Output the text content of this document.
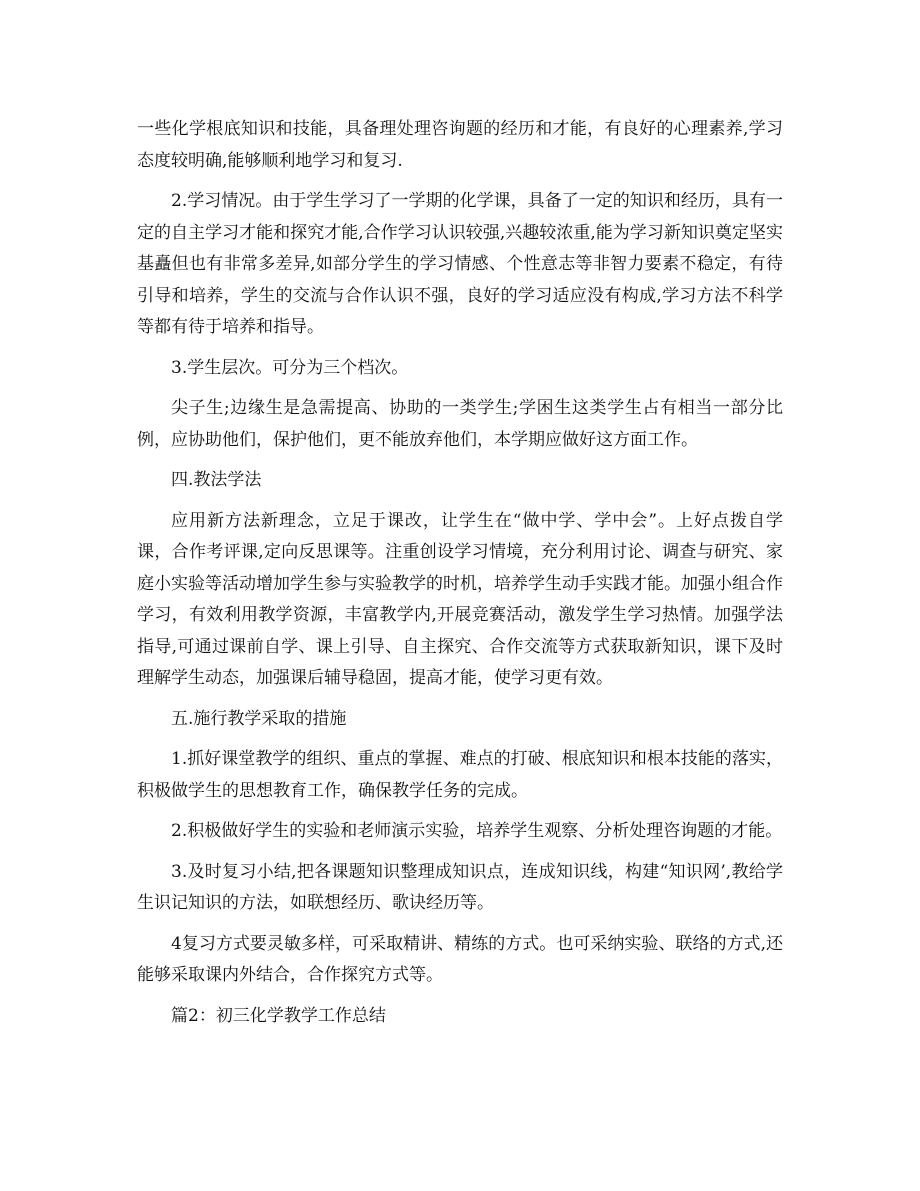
一些化学根底知识和技能，具备理处理咨询题的经历和才能，有良好的心理素养,学习态度较明确,能够顺利地学习和复习.

2.学习情况。由于学生学习了一学期的化学课，具备了一定的知识和经历，具有一定的自主学习才能和探究才能,合作学习认识较强,兴趣较浓重,能为学习新知识奠定坚实基矗但也有非常多差异,如部分学生的学习情感、个性意志等非智力要素不稳定，有待引导和培养，学生的交流与合作认识不强，良好的学习适应没有构成,学习方法不科学等都有待于培养和指导。

3.学生层次。可分为三个档次。

尖子生;边缘生是急需提高、协助的一类学生;学困生这类学生占有相当一部分比例，应协助他们，保护他们，更不能放弃他们，本学期应做好这方面工作。

四.教法学法

应用新方法新理念，立足于课改，让学生在“做中学、学中会”。上好点拨自学课，合作考评课,定向反思课等。注重创设学习情境，充分利用讨论、调查与研究、家庭小实验等活动增加学生参与实验教学的时机，培养学生动手实践才能。加强小组合作学习，有效利用教学资源，丰富教学内,开展竞赛活动，激发学生学习热情。加强学法指导,可通过课前自学、课上引导、自主探究、合作交流等方式获取新知识，课下及时理解学生动态，加强课后辅导稳固，提高才能，使学习更有效。

五.施行教学采取的措施

1.抓好课堂教学的组织、重点的掌握、难点的打破、根底知识和根本技能的落实，积极做学生的思想教育工作，确保教学任务的完成。

2.积极做好学生的实验和老师演示实验，培养学生观察、分析处理咨询题的才能。

3.及时复习小结,把各课题知识整理成知识点，连成知识线，构建“知识网’,教给学生识记知识的方法，如联想经历、歌诀经历等。

4复习方式要灵敏多样，可采取精讲、精练的方式。也可采纳实验、联络的方式,还能够采取课内外结合，合作探究方式等。

篇2：初三化学教学工作总结
